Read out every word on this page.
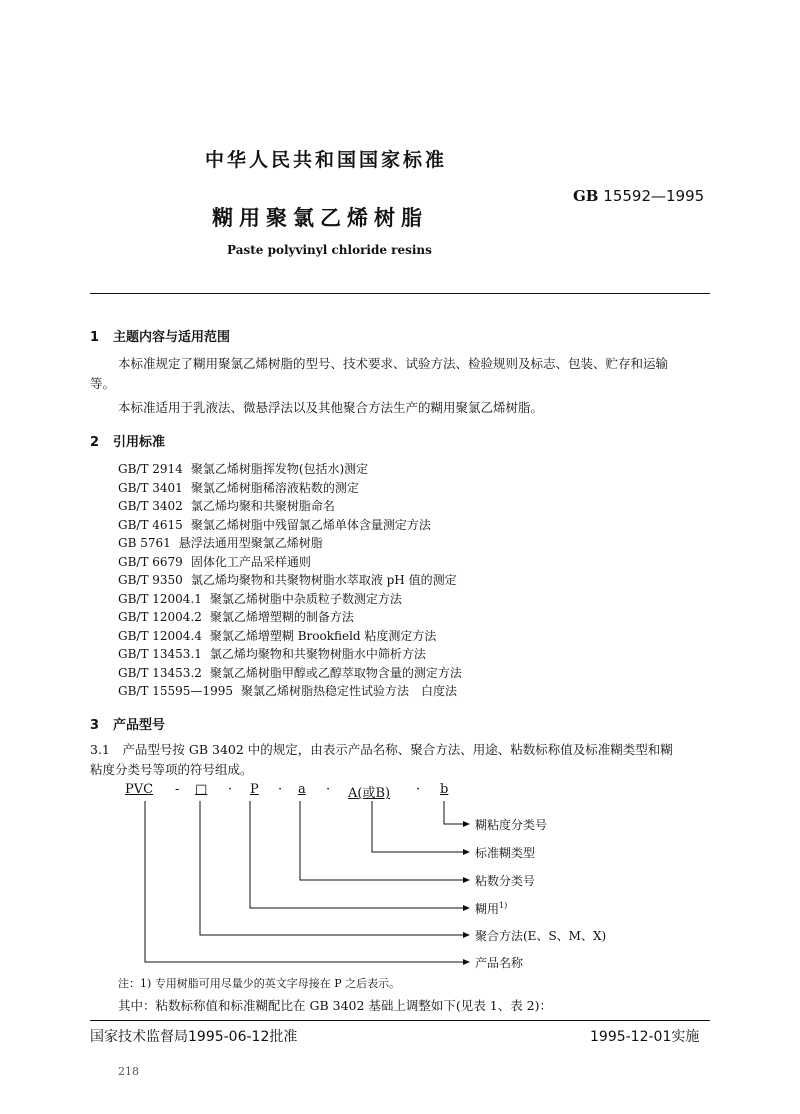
中华人民共和国国家标准
GB 15592—1995
糊用聚氯乙烯树脂
Paste polyvinyl chloride resins
1 主题内容与适用范围
本标准规定了糊用聚氯乙烯树脂的型号、技术要求、试验方法、检验规则及标志、包装、贮存和运输
等。
本标准适用于乳液法、微悬浮法以及其他聚合方法生产的糊用聚氯乙烯树脂。
2 引用标准
GB/T 2914 聚氯乙烯树脂挥发物(包括水)测定
GB/T 3401 聚氯乙烯树脂稀溶液粘数的测定
GB/T 3402 氯乙烯均聚和共聚树脂命名
GB/T 4615 聚氯乙烯树脂中残留氯乙烯单体含量测定方法
GB 5761 悬浮法通用型聚氯乙烯树脂
GB/T 6679 固体化工产品采样通则
GB/T 9350 氯乙烯均聚物和共聚物树脂水萃取液 pH 值的测定
GB/T 12004.1 聚氯乙烯树脂中杂质粒子数测定方法
GB/T 12004.2 聚氯乙烯增塑糊的制备方法
GB/T 12004.4 聚氯乙烯增塑糊 Brookfield 粘度测定方法
GB/T 13453.1 氯乙烯均聚物和共聚物树脂水中筛析方法
GB/T 13453.2 聚氯乙烯树脂甲醇或乙醇萃取物含量的测定方法
GB/T 15595—1995 聚氯乙烯树脂热稳定性试验方法　白度法
3 产品型号
3.1　 产品型号按 GB 3402 中的规定，由表示产品名称、聚合方法、用途、粘数标称值及标准糊类型和糊
粘度分类号等项的符号组成。
PVC - □ · P · a · A(或B) · b
糊粘度分类号
标准糊类型
粘数分类号
糊用$^{1)}$
聚合方法(E、S、M、X)
产品名称
注：1) 专用树脂可用尽量少的英文字母接在 P 之后表示。
其中：粘数标称值和标准糊配比在 GB 3402 基础上调整如下(见表 1、表 2)：
国家技术监督局1995-06-12批准	1995-12-01实施
218
